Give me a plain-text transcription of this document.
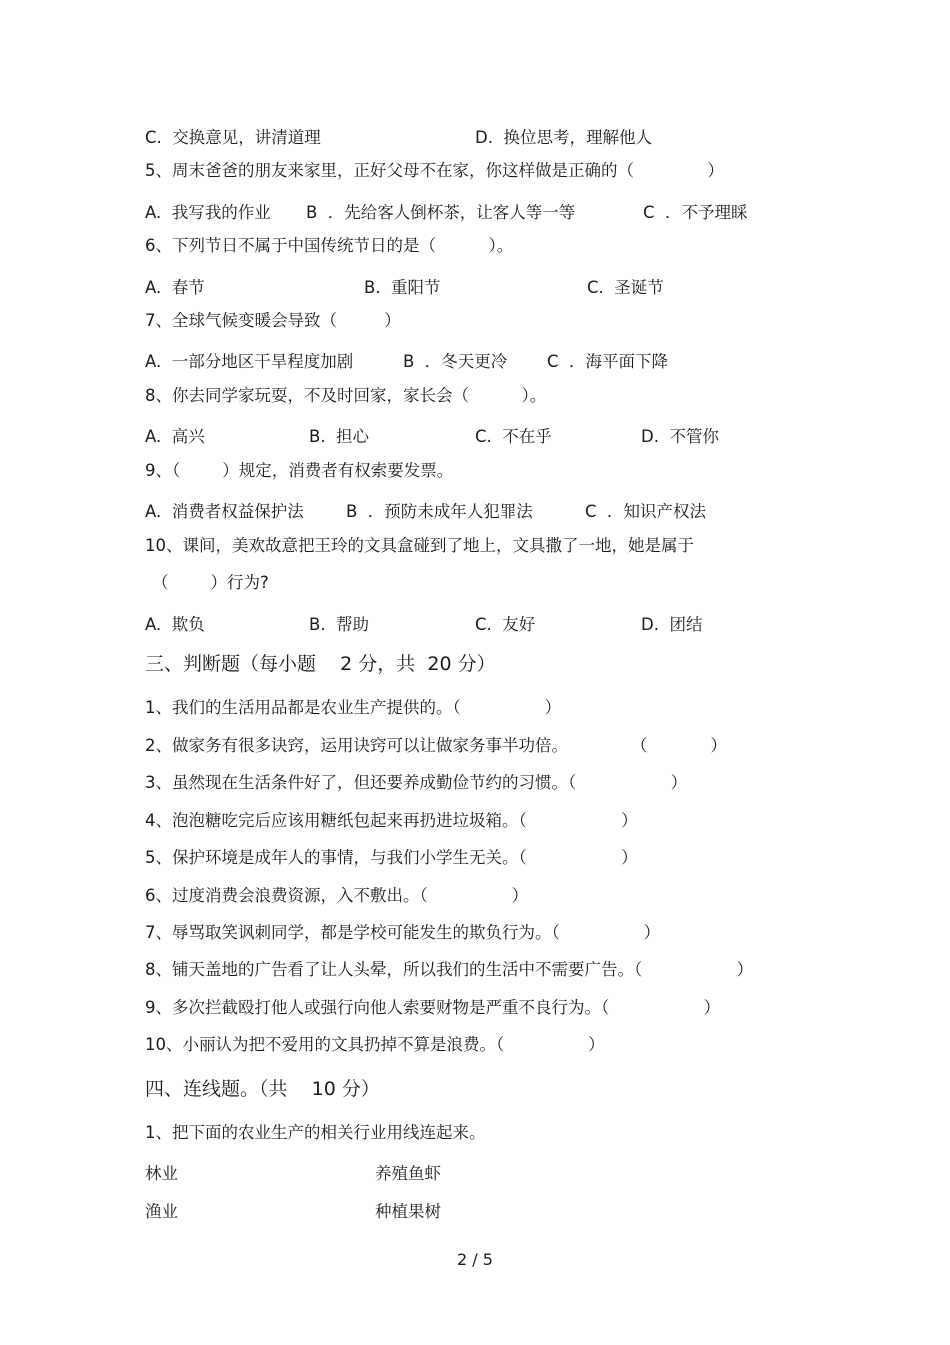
C.  交换意见，讲清道理	D.  换位思考，理解他人
5、周末爸爸的朋友来家里，正好父母不在家，你这样做是正确的（              ）
A.  我写我的作业 B  ．先给客人倒杯茶，让客人等一等	C  ．不予理睬
6、下列节日不属于中国传统节日的是（          ）。
A.  春节	B.  重阳节	C.  圣诞节
7、全球气候变暖会导致（         ）
A.  一部分地区干旱程度加剧	B  ．冬天更冷 C  ．海平面下降
8、你去同学家玩耍，不及时回家，家长会（          ）。
A.  高兴	B.  担心	C.  不在乎	D.  不管你
9、（        ）规定，消费者有权索要发票。
A.  消费者权益保护法	B  ．预防未成年人犯罪法	C  ．知识产权法
10、课间，美欢故意把王玲的文具盒碰到了地上，文具撒了一地，她是属于
（        ）行为?
A.  欺负	B.  帮助	C.  友好	D.  团结
三、判断题（每小题    2 分，共  20 分）
1、我们的生活用品都是农业生产提供的。（                ）
2、做家务有很多诀窍，运用诀窍可以让做家务事半功倍。            （            ）
3、虽然现在生活条件好了，但还要养成勤俭节约的习惯。（                  ）
4、泡泡糖吃完后应该用糖纸包起来再扔进垃圾箱。（                  ）
5、保护环境是成年人的事情，与我们小学生无关。（                  ）
6、过度消费会浪费资源，入不敷出。（                ）
7、辱骂取笑讽刺同学，都是学校可能发生的欺负行为。（                ）
8、铺天盖地的广告看了让人头晕，所以我们的生活中不需要广告。（                  ）
9、多次拦截殴打他人或强行向他人索要财物是严重不良行为。（                  ）
10、小丽认为把不爱用的文具扔掉不算是浪费。（                ）
四、连线题。（共    10 分）
1、把下面的农业生产的相关行业用线连起来。
林业	养殖鱼虾
渔业	种植果树
2 / 5
